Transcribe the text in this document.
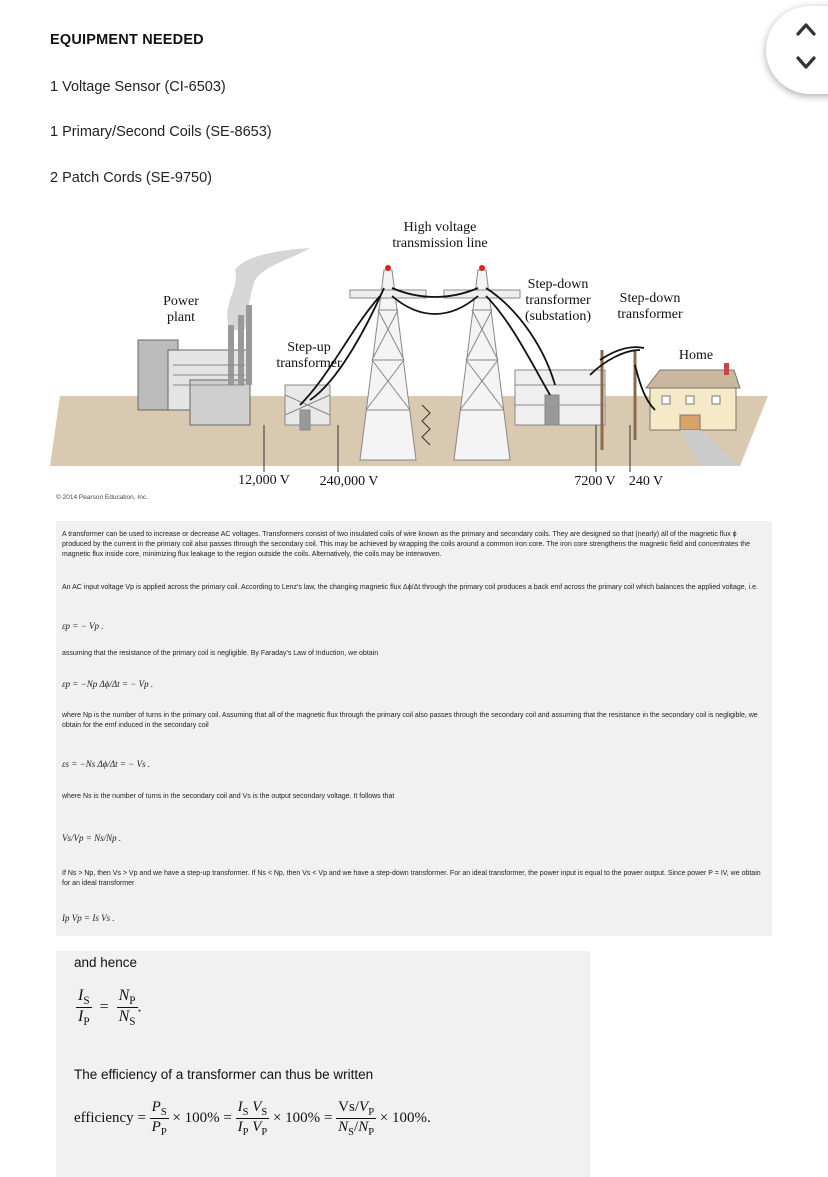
EQUIPMENT NEEDED
1 Voltage Sensor (CI-6503)
1 Primary/Second Coils (SE-8653)
2 Patch Cords (SE-9750)
Power
plant
Step-up
transformer
High voltage
transmission line
Step-down
transformer
(substation)
Step-down
transformer
Home
12,000 V	240,000 V	7200 V 240 V
© 2014 Pearson Education, Inc.
A transformer can be used to increase or decrease AC voltages. Transformers consist of two insulated coils of wire known as the primary and secondary coils. They are designed so that (nearly) all of the magnetic flux ϕ produced by the current in the primary coil also passes through the secondary coil. This may be achieved by wrapping the coils around a common iron core. The iron core strengthens the magnetic field and concentrates the magnetic flux inside core, minimizing flux leakage to the region outside the coils. Alternatively, the coils may be interwoven.
An AC input voltage Vp is applied across the primary coil. According to Lenz's law, the changing magnetic flux Δϕ/Δt through the primary coil produces a back emf across the primary coil which balances the applied voltage, i.e.
εp = − Vp .
assuming that the resistance of the primary coil is negligible. By Faraday's Law of Induction, we obtain
εp = −Np Δϕ/Δt = − Vp .
where Np is the number of turns in the primary coil. Assuming that all of the magnetic flux through the primary coil also passes through the secondary coil and assuming that the resistance in the secondary coil is negligible, we obtain for the emf induced in the secondary coil
εs = −Ns Δϕ/Δt = − Vs .
where Ns is the number of turns in the secondary coil and Vs is the output secondary voltage. It follows that
Vs/Vp = Ns/Np .
If Ns > Np, then Vs > Vp and we have a step-up transformer. If Ns < Np, then Vs < Vp and we have a step-down transformer. For an ideal transformer, the power input is equal to the power output. Since power P = IV, we obtain for an ideal transformer
Ip Vp = Is Vs .
and hence
$\frac{I_S}{I_P} = \frac{N_P}{N_S}$ .
The efficiency of a transformer can thus be written
efficiency = $\frac{P_S}{P_P} \times 100\% = \frac{I_S V_S}{I_P V_P} \times 100\% = \frac{Vs/V_P}{N_S/N_P} \times 100\%$.
